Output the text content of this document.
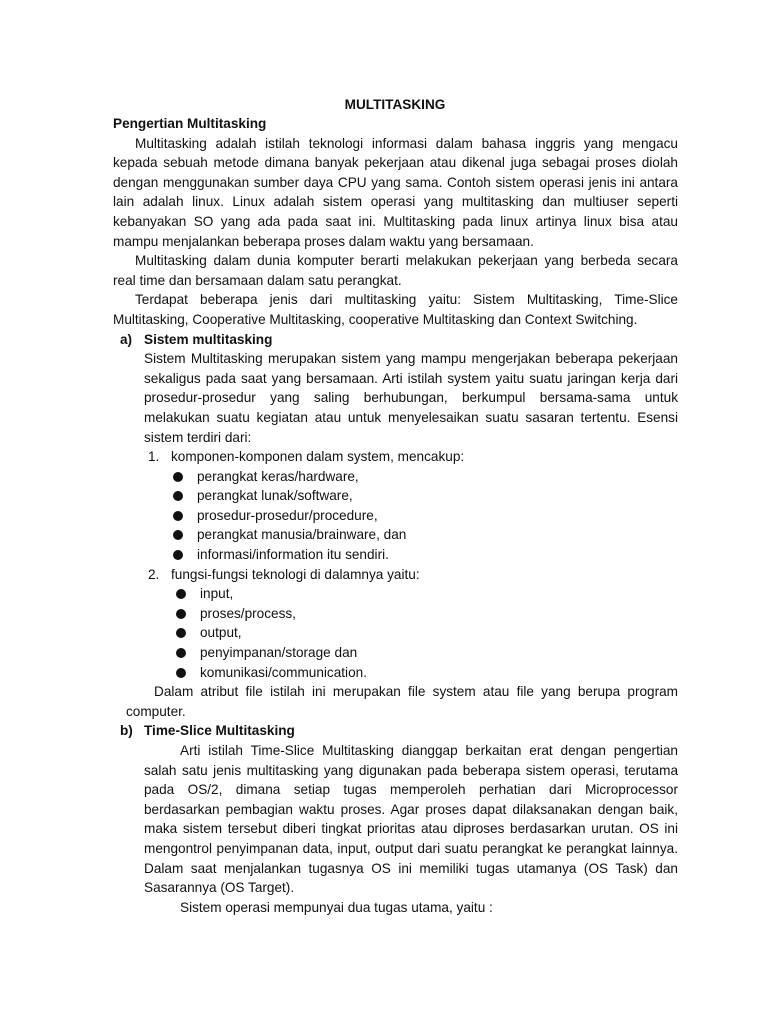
MULTITASKING
Pengertian Multitasking

Multitasking adalah istilah teknologi informasi dalam bahasa inggris yang mengacu kepada sebuah metode dimana banyak pekerjaan atau dikenal juga sebagai proses diolah dengan menggunakan sumber daya CPU yang sama. Contoh sistem operasi jenis ini antara lain adalah linux. Linux adalah sistem operasi yang multitasking dan multiuser seperti kebanyakan SO yang ada pada saat ini. Multitasking pada linux artinya linux bisa atau mampu menjalankan beberapa proses dalam waktu yang bersamaan.

Multitasking dalam dunia komputer berarti melakukan pekerjaan yang berbeda secara real time dan bersamaan dalam satu perangkat.

Terdapat beberapa jenis dari multitasking yaitu: Sistem Multitasking, Time-Slice Multitasking, Cooperative Multitasking, cooperative Multitasking dan Context Switching.

a) Sistem multitasking

Sistem Multitasking merupakan sistem yang mampu mengerjakan beberapa pekerjaan sekaligus pada saat yang bersamaan. Arti istilah system yaitu suatu jaringan kerja dari prosedur-prosedur yang saling berhubungan, berkumpul bersama-sama untuk melakukan suatu kegiatan atau untuk menyelesaikan suatu sasaran tertentu. Esensi sistem terdiri dari:

1. komponen-komponen dalam system, mencakup:
perangkat keras/hardware,
perangkat lunak/software,
prosedur-prosedur/procedure,
perangkat manusia/brainware, dan
informasi/information itu sendiri.
2. fungsi-fungsi teknologi di dalamnya yaitu:
input,
proses/process,
output,
penyimpanan/storage dan
komunikasi/communication.

Dalam atribut file istilah ini merupakan file system atau file yang berupa program computer.

b) Time-Slice Multitasking

Arti istilah Time-Slice Multitasking dianggap berkaitan erat dengan pengertian salah satu jenis multitasking yang digunakan pada beberapa sistem operasi, terutama pada OS/2, dimana setiap tugas memperoleh perhatian dari Microprocessor berdasarkan pembagian waktu proses. Agar proses dapat dilaksanakan dengan baik, maka sistem tersebut diberi tingkat prioritas atau diproses berdasarkan urutan. OS ini mengontrol penyimpanan data, input, output dari suatu perangkat ke perangkat lainnya. Dalam saat menjalankan tugasnya OS ini memiliki tugas utamanya (OS Task) dan Sasarannya (OS Target).

Sistem operasi mempunyai dua tugas utama, yaitu :
